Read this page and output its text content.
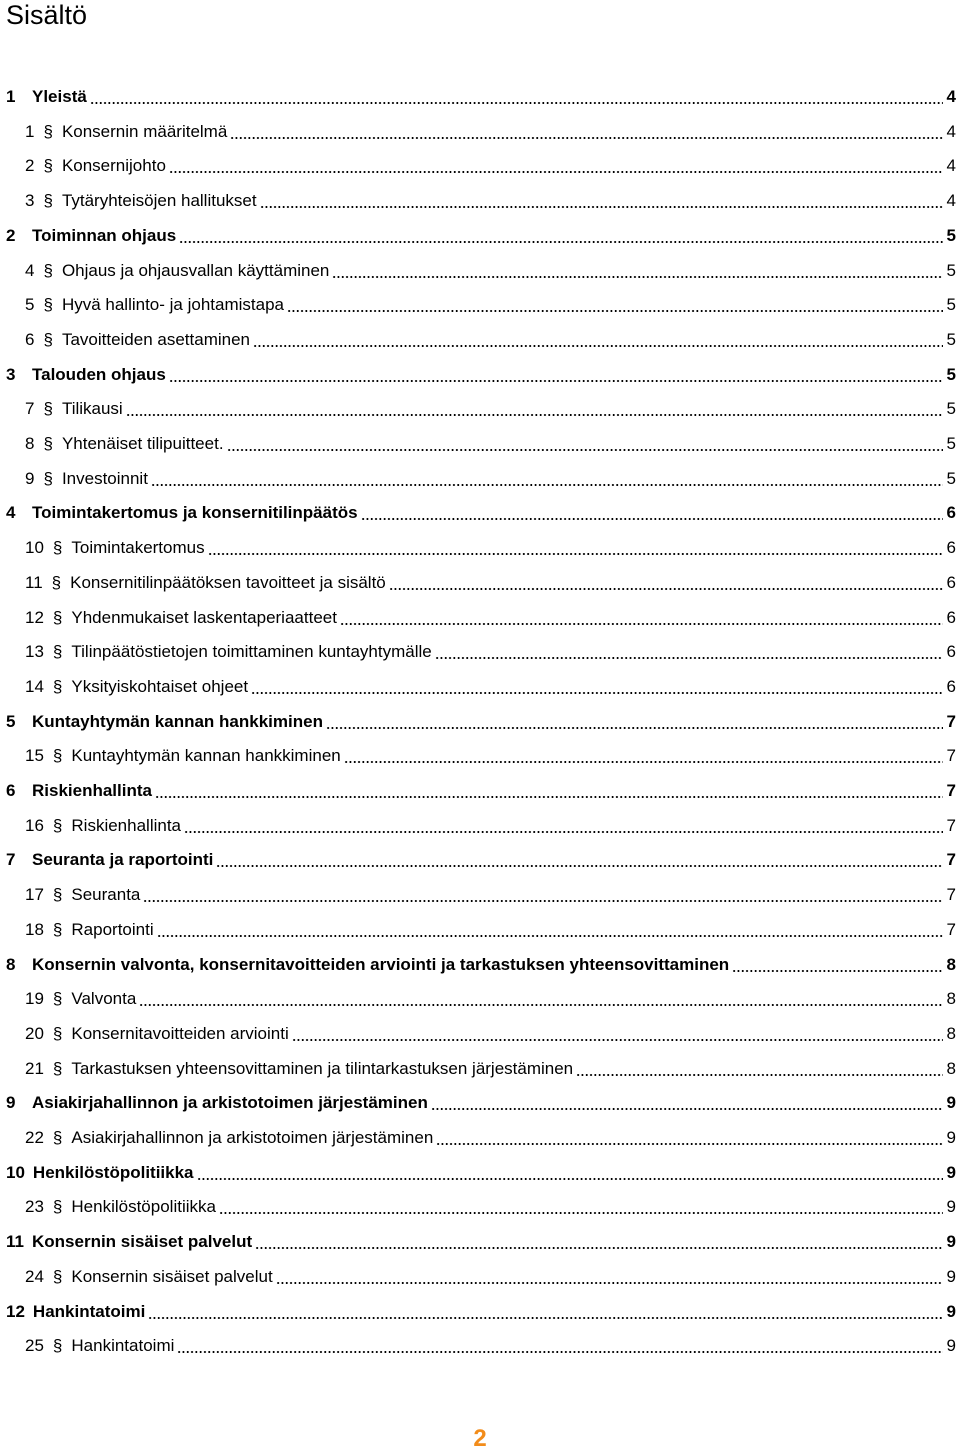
Sisältö
1 Yleistä	4
1 § Konsernin määritelmä	4
2 § Konsernijohto	4
3 § Tytäryhteisöjen hallitukset	4
2 Toiminnan ohjaus	5
4 § Ohjaus ja ohjausvallan käyttäminen	5
5 § Hyvä hallinto- ja johtamistapa	5
6 § Tavoitteiden asettaminen	5
3 Talouden ohjaus	5
7 § Tilikausi	5
8 § Yhtenäiset tilipuitteet.	5
9 § Investoinnit	5
4 Toimintakertomus ja konsernitilinpäätös	6
10 § Toimintakertomus	6
11 § Konsernitilinpäätöksen tavoitteet ja sisältö	6
12 § Yhdenmukaiset laskentaperiaatteet	6
13 § Tilinpäätöstietojen toimittaminen kuntayhtymälle	6
14 § Yksityiskohtaiset ohjeet	6
5 Kuntayhtymän kannan hankkiminen	7
15 § Kuntayhtymän kannan hankkiminen	7
6 Riskienhallinta	7
16 § Riskienhallinta	7
7 Seuranta ja raportointi	7
17 § Seuranta	7
18 § Raportointi	7
8 Konsernin valvonta, konsernitavoitteiden arviointi ja tarkastuksen yhteensovittaminen	8
19 § Valvonta	8
20 § Konsernitavoitteiden arviointi	8
21 § Tarkastuksen yhteensovittaminen ja tilintarkastuksen järjestäminen	8
9 Asiakirjahallinnon ja arkistotoimen järjestäminen	9
22 § Asiakirjahallinnon ja arkistotoimen järjestäminen	9
10 Henkilöstöpolitiikka	9
23 § Henkilöstöpolitiikka	9
11 Konsernin sisäiset palvelut	9
24 § Konsernin sisäiset palvelut	9
12 Hankintatoimi	9
25 § Hankintatoimi	9
2
